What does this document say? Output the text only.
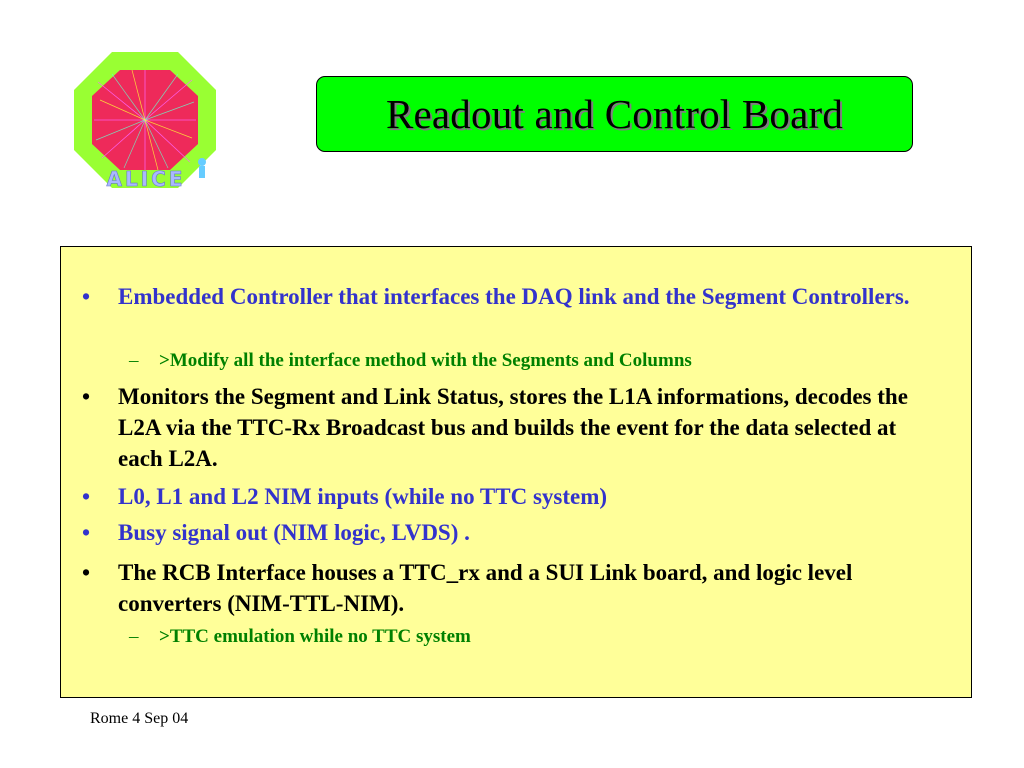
ALICE
Readout and Control Board
• Embedded Controller that interfaces the DAQ link and the Segment Controllers.
– >Modify all the interface method with the Segments and Columns
• Monitors the Segment and Link Status, stores the L1A informations, decodes the L2A via the TTC-Rx Broadcast bus and builds the event for the data selected at each L2A.
• L0, L1 and L2 NIM inputs (while no TTC system)
• Busy signal out (NIM logic, LVDS) .
• The RCB Interface houses a TTC_rx and a SUI Link board, and logic level converters (NIM-TTL-NIM).
– >TTC emulation while no TTC system
Rome 4 Sep 04
